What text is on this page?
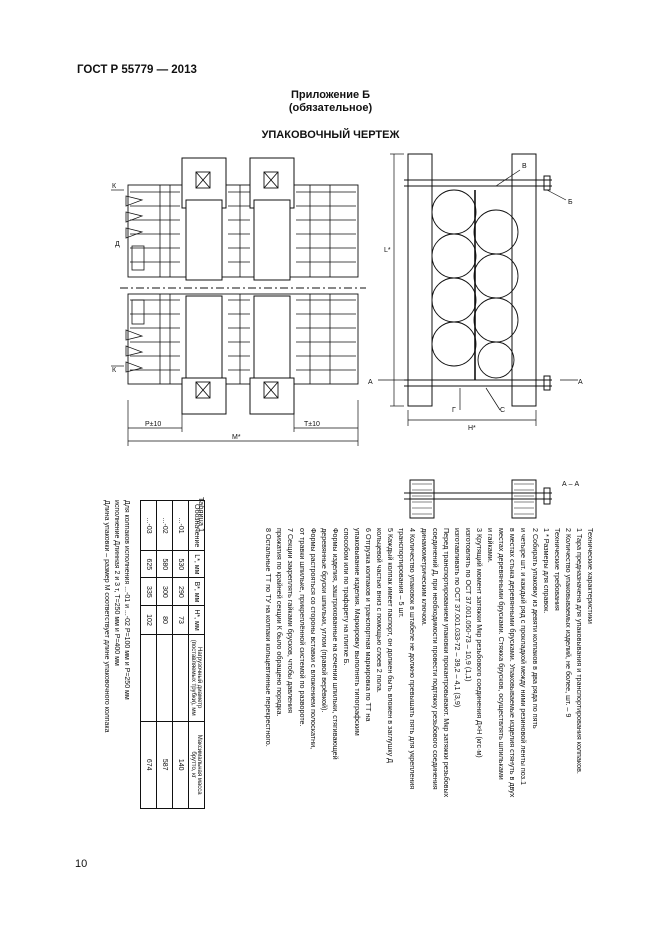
ГОСТ Р 55779 — 2013
Приложение Б
(обязательное)
УПАКОВОЧНЫЙ ЧЕРТЕЖ
К
К
Д
Р±10
М*
Т±10
L*
Б
В
А	А
Г	С
Н*
А – А
Таблица 1
Обозначение	L*, мм	В*, мм	Н*, мм	Нагрузочный диаметр (поставляемых трубки), мм	Максимальная масса брутто, кг
...-01	530	290	73		140
...-02	580	300	80		587
...-03	625	335	102		674
Для колпаков исполнения ...-01 и ...-02 Р=100 мм и Р=250 мм
исполнение Длинная 2 и 3 т, Т=250 мм и Р=400 мм
Длина упаковки – размер М соответствует длине упаковочного колпака	Технические характеристики
1 Тара предназначена для упаковывания и транспортирования колпаков.
2 Количество упаковываемых изделий, не более, шт. – 9
Технические требования
1 * Размеры для справок.
2 Собирать упаковку из девяти колпаков в два ряда по пять
и четыре шт. и каждый ряд с прокладкой между ними резиновой ленты поз.1
в местах стыка деревянными брусками. Упаковываемые изделия стянуть в двух
местах деревянными брусками. Стяжка брусков, осуществлять шпильками
и гайками.
3 Крутящий момент затяжки Мкр резьбового соединения Д×Н (кгс·м)
изготовлять по ОСТ 37.001.050-73 – 10,9 (1,1)
изготавливать по ОСТ 37.001.033-72 – 39,2 – 4,1 (3,9)
Перед транспортированием упаковки прокантровывают. Мкр затяжки резьбовых
соединений Д, при необходимости провести подтяжку резьбового соединения
динамометрическим ключом.
4 Количество упаковок в штабеле не должно превышать пять для укрепления
транспортирования – 5 шт.
5 Каждый колпак имеет паспорт, он должен быть вложен в заглушку Д
кольцевой частью вниз с помощью слоев 2 пола.
6 Отгрузка колпаков и транспортная маркировка по ТТ на
упаковывание изделия. Маркировку выполнять типографским
способом или по трафарету на плитке Б.
Формы изделия, заштрихованные на сечении шпильки, стягивающей
деревянные бруски шпильки, углом (правой верёвкой).
Формы растрояться со стороны вставки с вложением полоскатни,
от травки шпильке, прикреплённой системой по развороте.
7 Секции закреплять гайками брусков, чтобы давления
прижатия по крайней секции К было обращено порядка.
8 Остальные ТТ по ТУ на колпаки кольцевтинные перекрестного.
10
